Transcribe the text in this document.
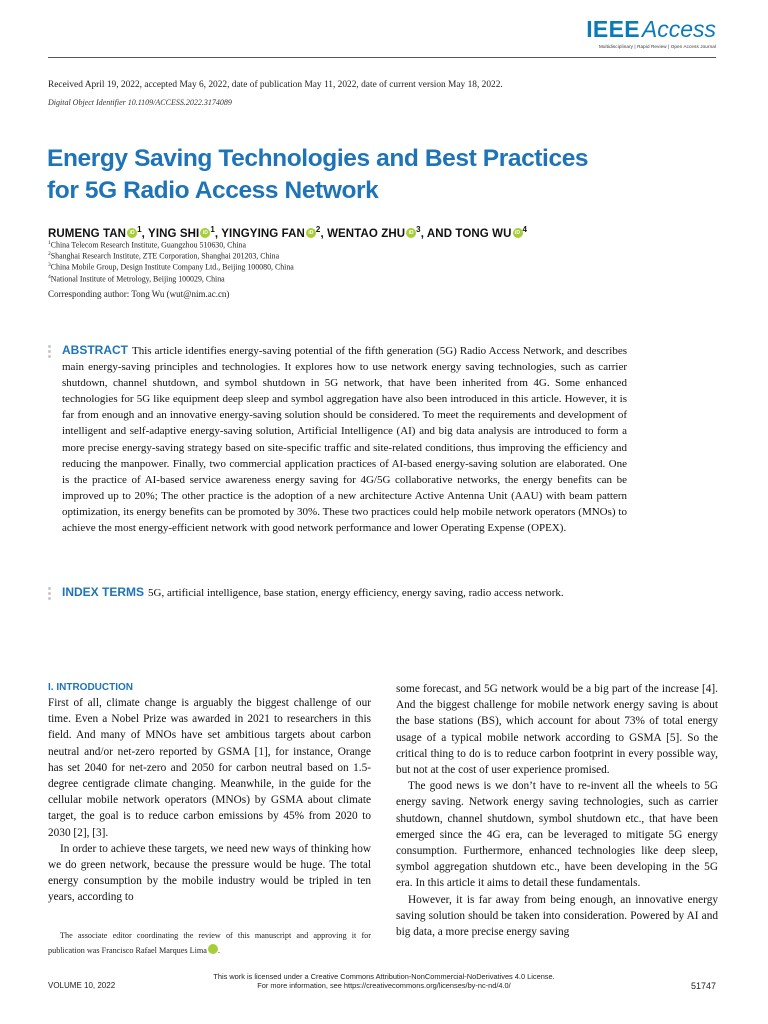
IEEEAccess
Multidisciplinary | Rapid Review | Open Access Journal
Received April 19, 2022, accepted May 6, 2022, date of publication May 11, 2022, date of current version May 18, 2022.
Digital Object Identifier 10.1109/ACCESS.2022.3174089
Energy Saving Technologies and Best Practices
for 5G Radio Access Network
RUMENG TAN iD $^1$, YING SHI iD $^1$, YINGYING FAN iD $^2$, WENTAO ZHU iD $^3$, AND TONG WU iD $^4$
$^1$China Telecom Research Institute, Guangzhou 510630, China
$^2$Shanghai Research Institute, ZTE Corporation, Shanghai 201203, China
$^3$China Mobile Group, Design Institute Company Ltd., Beijing 100080, China
$^4$National Institute of Metrology, Beijing 100029, China
Corresponding author: Tong Wu (wut@nim.ac.cn)
ABSTRACT This article identifies energy-saving potential of the fifth generation (5G) Radio Access Network, and describes main energy-saving principles and technologies. It explores how to use network energy saving technologies, such as carrier shutdown, channel shutdown, and symbol shutdown in 5G network, that have been inherited from 4G. Some enhanced technologies for 5G like equipment deep sleep and symbol aggregation have also been introduced in this article. However, it is far from enough and an innovative energy-saving solution should be considered. To meet the requirements and development of intelligent and self-adaptive energy-saving solution, Artificial Intelligence (AI) and big data analysis are introduced to form a more precise energy-saving strategy based on site-specific traffic and site-related conditions, thus improving the efficiency and reducing the manpower. Finally, two commercial application practices of AI-based energy-saving solution are elaborated. One is the practice of AI-based service awareness energy saving for 4G/5G collaborative networks, the energy benefits can be improved up to 20%; The other practice is the adoption of a new architecture Active Antenna Unit (AAU) with beam pattern optimization, its energy benefits can be promoted by 30%. These two practices could help mobile network operators (MNOs) to achieve the most energy-efficient network with good network performance and lower Operating Expense (OPEX).
INDEX TERMS 5G, artificial intelligence, base station, energy efficiency, energy saving, radio access network.
I. INTRODUCTION

First of all, climate change is arguably the biggest challenge of our time. Even a Nobel Prize was awarded in 2021 to researchers in this field. And many of MNOs have set ambitious targets about carbon neutral and/or net-zero reported by GSMA [1], for instance, Orange has set 2040 for net-zero and 2050 for carbon neutral based on 1.5-degree centigrade climate changing. Meanwhile, in the guide for the cellular mobile network operators (MNOs) by GSMA about climate target, the goal is to reduce carbon emissions by 45% from 2020 to 2030 [2], [3].

In order to achieve these targets, we need new ways of thinking how we do green network, because the pressure would be huge. The total energy consumption by the mobile industry would be tripled in ten years, according to

some forecast, and 5G network would be a big part of the increase [4]. And the biggest challenge for mobile network energy saving is about the base stations (BS), which account for about 73% of total energy usage of a typical mobile network according to GSMA [5]. So the critical thing to do is to reduce carbon footprint in every possible way, but not at the cost of user experience promised.

The good news is we don’t have to re-invent all the wheels to 5G energy saving. Network energy saving technologies, such as carrier shutdown, channel shutdown, symbol shutdown etc., that have been emerged since the 4G era, can be leveraged to mitigate 5G energy consumption. Furthermore, enhanced technologies like deep sleep, symbol aggregation shutdown etc., have been developing in the 5G era. In this article it aims to detail these fundamentals.

However, it is far away from being enough, an innovative energy saving solution should be taken into consideration. Powered by AI and big data, a more precise energy saving

The associate editor coordinating the review of this manuscript and approving it for publication was Francisco Rafael Marques Lima	iD.

This work is licensed under a Creative Commons Attribution-NonCommercial-NoDerivatives 4.0 License.
For more information, see https://creativecommons.org/licenses/by-nc-nd/4.0/
VOLUME 10, 2022	51747
